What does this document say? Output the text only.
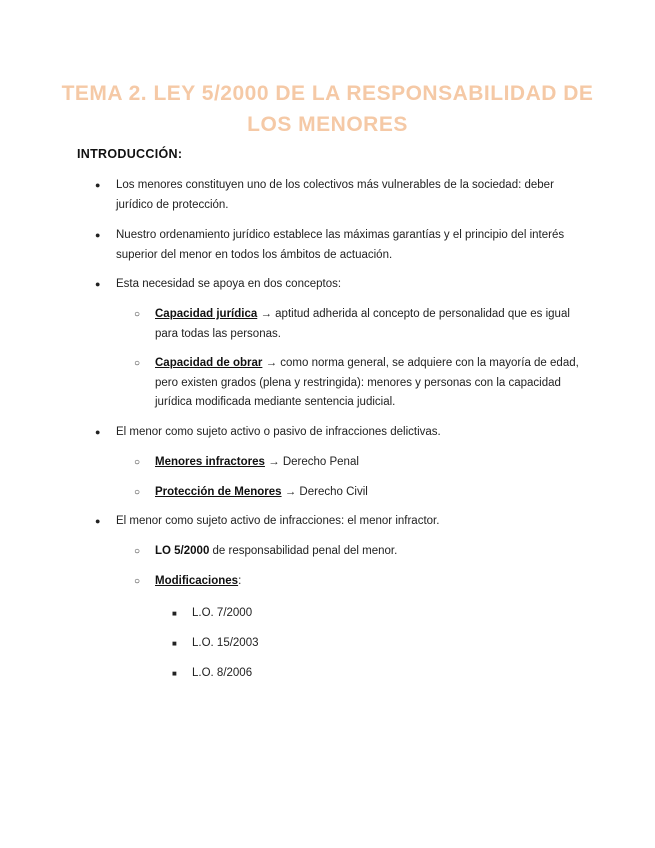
TEMA 2. LEY 5/2000 DE LA RESPONSABILIDAD DE LOS MENORES
INTRODUCCIÓN:
● Los menores constituyen uno de los colectivos más vulnerables de la sociedad: deber jurídico de protección.
● Nuestro ordenamiento jurídico establece las máximas garantías y el principio del interés superior del menor en todos los ámbitos de actuación.
● Esta necesidad se apoya en dos conceptos:
○ Capacidad jurídica → aptitud adherida al concepto de personalidad que es igual para todas las personas.
○ Capacidad de obrar → como norma general, se adquiere con la mayoría de edad, pero existen grados (plena y restringida): menores y personas con la capacidad jurídica modificada mediante sentencia judicial.
● El menor como sujeto activo o pasivo de infracciones delictivas.
○ Menores infractores → Derecho Penal
○ Protección de Menores → Derecho Civil
● El menor como sujeto activo de infracciones: el menor infractor.
○ LO 5/2000 de responsabilidad penal del menor.
○ Modificaciones:
■ L.O. 7/2000
■ L.O. 15/2003
■ L.O. 8/2006
